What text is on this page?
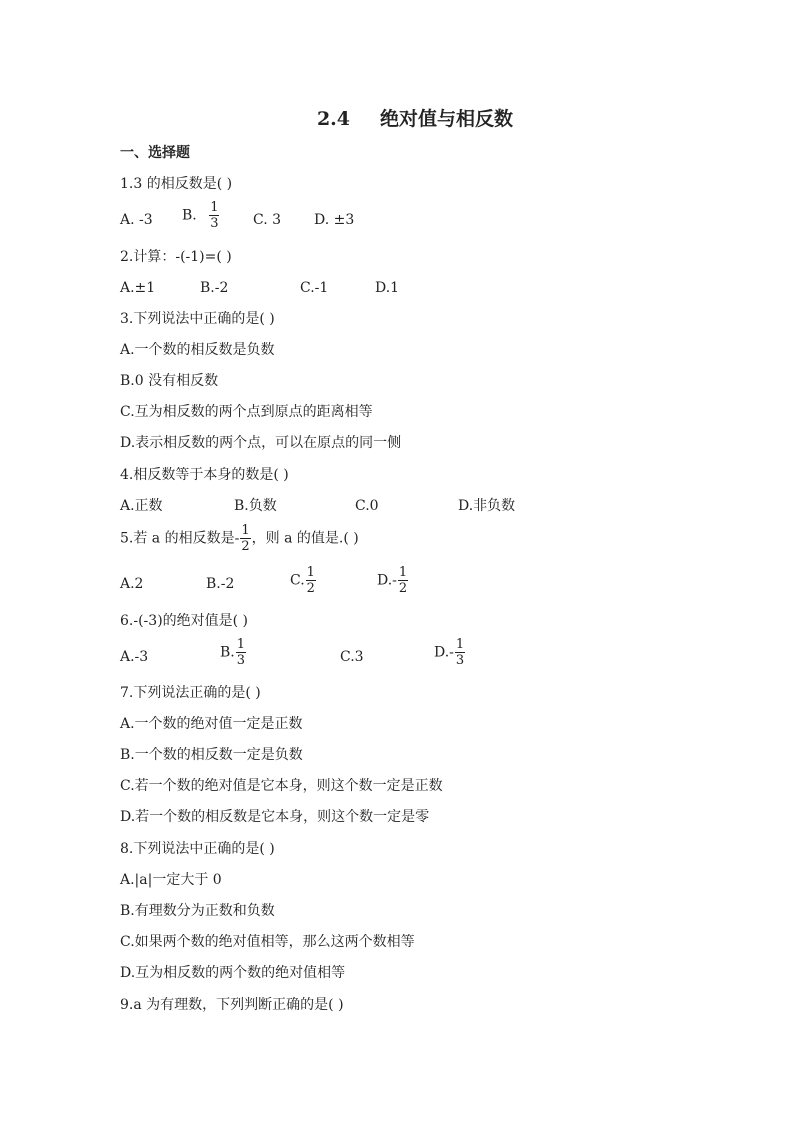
2.4 绝对值与相反数
一、选择题
1.3 的相反数是( )
A. -3 B. $\frac{1}{3} C$. 3 D. ±3
2.计算：-(-1)=( )
A.±1	B.-2	C.-1	D.1
3.下列说法中正确的是( )
A.一个数的相反数是负数
B.0 没有相反数
C.互为相反数的两个点到原点的距离相等
D.表示相反数的两个点，可以在原点的同一侧
4.相反数等于本身的数是( )
A.正数	B.负数	C.0	D.非负数
5.若 a 的相反数是- $\frac{1}{2}$ ，则 a 的值是.( )
A.2	B.-2	C. $\frac{1}{2}$	$D.- \frac{1}{2}$
6.-(-3)的绝对值是( )
A.-3	B. $\frac{1}{3}$	C.3	$D.- \frac{1}{3}$
7.下列说法正确的是( )
A.一个数的绝对值一定是正数
B.一个数的相反数一定是负数
C.若一个数的绝对值是它本身，则这个数一定是正数
D.若一个数的相反数是它本身，则这个数一定是零
8.下列说法中正确的是( )
A.|a|一定大于 0
B.有理数分为正数和负数
C.如果两个数的绝对值相等，那么这两个数相等
D.互为相反数的两个数的绝对值相等
9.a 为有理数，下列判断正确的是( )
